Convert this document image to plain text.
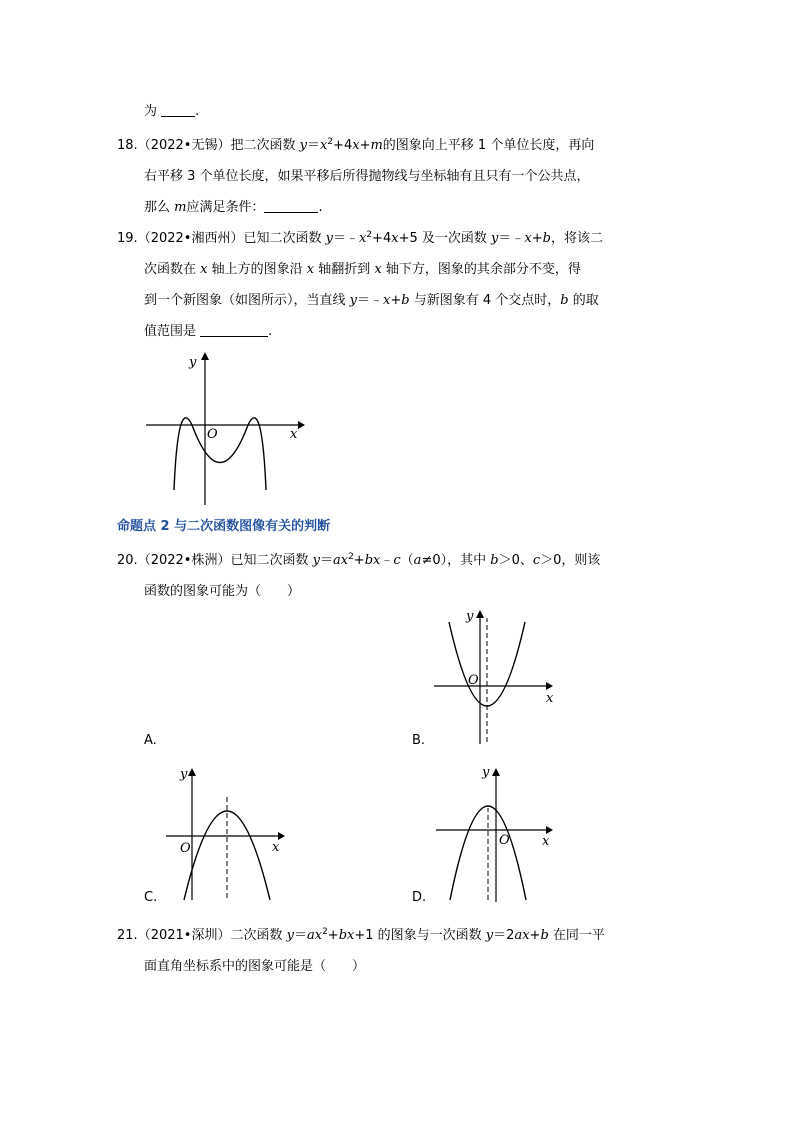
为	.
18.（2022•无锡）把二次函数 $y=x^2+4x+m$的图象向上平移 1 个单位长度，再向
右平移 3 个单位长度，如果平移后所得抛物线与坐标轴有且只有一个公共点，
那么 m应满足条件：	.
19.（2022•湘西州）已知二次函数 $y=﹣x^2+4x+5$ 及一次函数 y＝﹣x+b，将该二
次函数在 x 轴上方的图象沿 x 轴翻折到 x 轴下方，图象的其余部分不变，得
到一个新图象（如图所示），当直线 y＝﹣x+b 与新图象有 4 个交点时，b 的取
值范围是	.
y
x
O
命题点 2 与二次函数图像有关的判断
20.（2022•株洲）已知二次函数 $y=ax^2+bx﹣c(a\ne 0)$，其中 b＞0、c＞0，则该
函数的图象可能为（　　）
A.	B.
C.	D.
y
x
O
y
x
O
y
x
O
21.（2021•深圳）二次函数 $y=ax^2+bx+1$ 的图象与一次函数 y＝2ax+b 在同一平
面直角坐标系中的图象可能是（　　）
